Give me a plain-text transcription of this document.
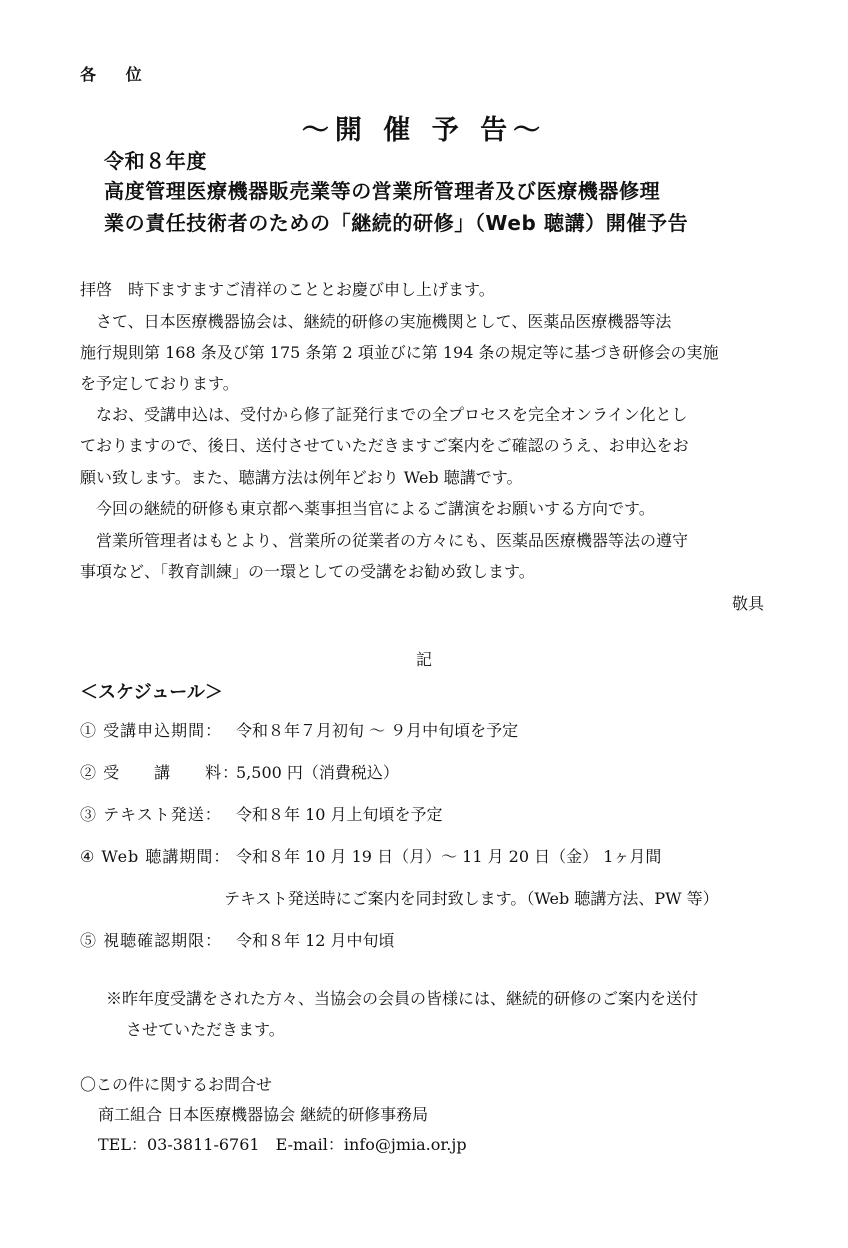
各 位
～開 催 予 告～
令和８年度
高度管理医療機器販売業等の営業所管理者及び医療機器修理
業の責任技術者のための「継続的研修」（Web 聴講）開催予告
拝啓　時下ますますご清祥のこととお慶び申し上げます。
　さて、日本医療機器協会は、継続的研修の実施機関として、医薬品医療機器等法
施行規則第 168 条及び第 175 条第 2 項並びに第 194 条の規定等に基づき研修会の実施
を予定しております。
　なお、受講申込は、受付から修了証発行までの全プロセスを完全オンライン化とし
ておりますので、後日、送付させていただきますご案内をご確認のうえ、お申込をお
願い致します。また、聴講方法は例年どおり Web 聴講です。
　今回の継続的研修も東京都へ薬事担当官によるご講演をお願いする方向です。
　営業所管理者はもとより、営業所の従業者の方々にも、医薬品医療機器等法の遵守
事項など、「教育訓練」の一環としての受講をお勧め致します。
敬具
記
＜スケジュール＞
① 受講申込期間： 令和８年７月初旬 ～ ９月中旬頃を予定
② 受　　講　　料：5,500 円（消費税込）
③ テキスト発送： 令和８年 10 月上旬頃を予定
④ Web 聴講期間： 令和８年 10 月 19 日（月）～ 11 月 20 日（金） 1ヶ月間
テキスト発送時にご案内を同封致します。（Web 聴講方法、PW 等）
⑤ 視聴確認期限： 令和８年 12 月中旬頃
※昨年度受講をされた方々、当協会の会員の皆様には、継続的研修のご案内を送付
させていただきます。
〇この件に関するお問合せ
商工組合 日本医療機器協会 継続的研修事務局
TEL：03-3811-6761　E-mail：info@jmia.or.jp
